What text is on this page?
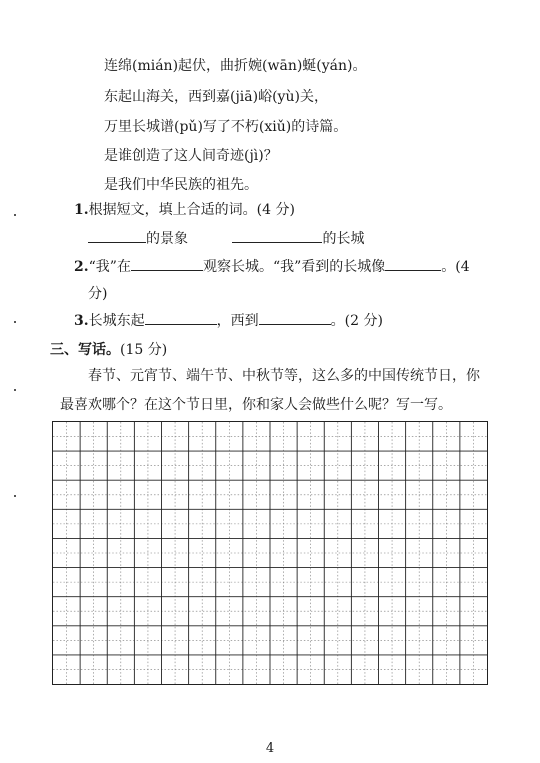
连绵(mián)起伏，曲折婉(wān)蜒(yán)。
东起山海关，西到嘉(jiā)峪(yù)关，
万里长城谱(pǔ)写了不朽(xiǔ)的诗篇。
是谁创造了这人间奇迹(jì)？
是我们中华民族的祖先。
1.根据短文，填上合适的词。(4 分)
的景象	的长城
2.“我”在	观察长城。“我”看到的长城像	。(4
分)
3.长城东起	，西到	。(2 分)
三、写话。(15 分)
春节、元宵节、端午节、中秋节等，这么多的中国传统节日，你
最喜欢哪个？在这个节日里，你和家人会做些什么呢？写一写。
4
